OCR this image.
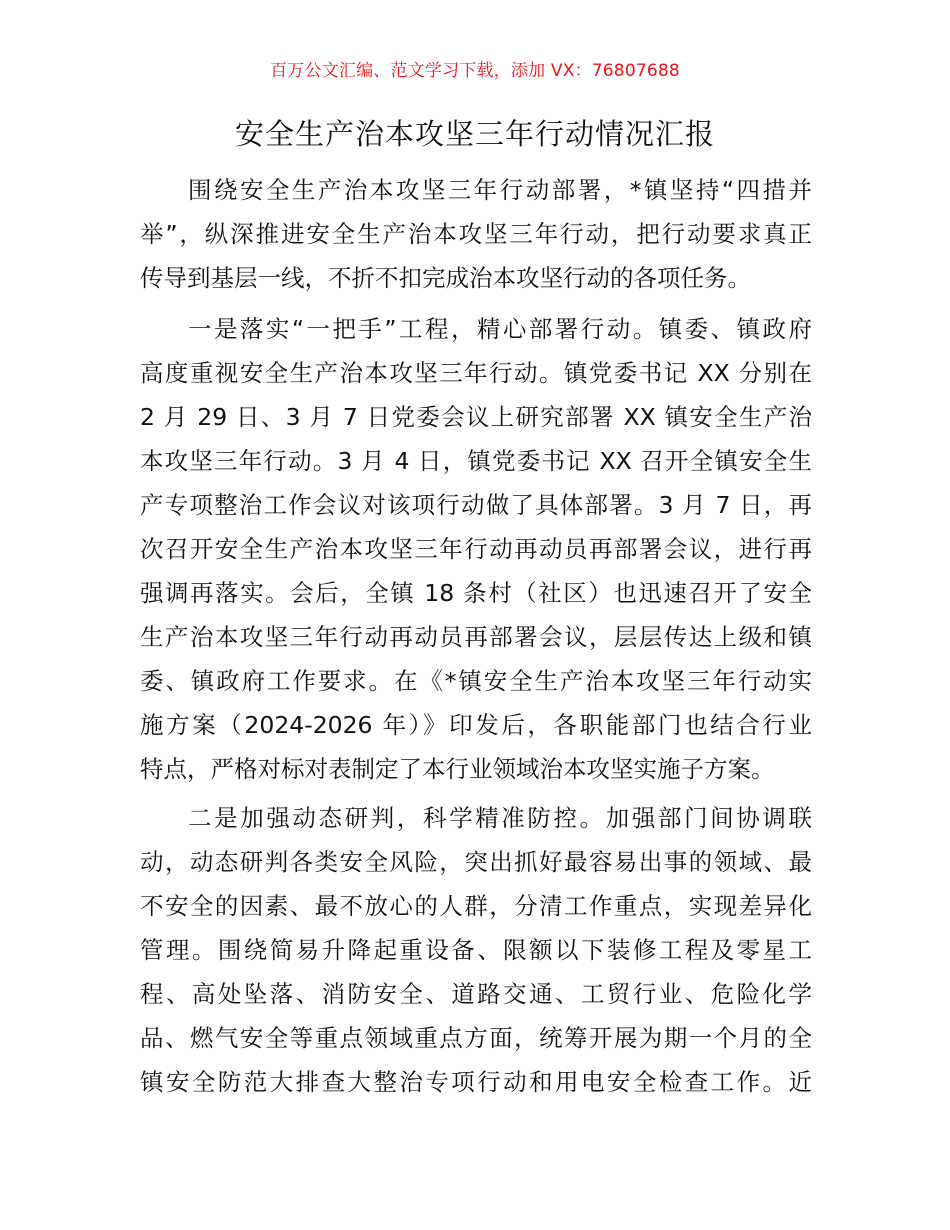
百万公文汇编、范文学习下载，添加 VX：76807688
安全生产治本攻坚三年行动情况汇报
围绕安全生产治本攻坚三年行动部署，*镇坚持“四措并
举”，纵深推进安全生产治本攻坚三年行动，把行动要求真正
传导到基层一线，不折不扣完成治本攻坚行动的各项任务。
一是落实“一把手”工程，精心部署行动。镇委、镇政府
高度重视安全生产治本攻坚三年行动。镇党委书记 XX 分别在
2 月 29 日、3 月 7 日党委会议上研究部署 XX 镇安全生产治
本攻坚三年行动。3 月 4 日，镇党委书记 XX 召开全镇安全生
产专项整治工作会议对该项行动做了具体部署。3 月 7 日，再
次召开安全生产治本攻坚三年行动再动员再部署会议，进行再
强调再落实。会后，全镇 18 条村（社区）也迅速召开了安全
生产治本攻坚三年行动再动员再部署会议，层层传达上级和镇
委、镇政府工作要求。在《*镇安全生产治本攻坚三年行动实
施方案（2024-2026 年）》印发后，各职能部门也结合行业
特点，严格对标对表制定了本行业领域治本攻坚实施子方案。
二是加强动态研判，科学精准防控。加强部门间协调联
动，动态研判各类安全风险，突出抓好最容易出事的领域、最
不安全的因素、最不放心的人群，分清工作重点，实现差异化
管理。围绕简易升降起重设备、限额以下装修工程及零星工
程、高处坠落、消防安全、道路交通、工贸行业、危险化学
品、燃气安全等重点领域重点方面，统筹开展为期一个月的全
镇安全防范大排查大整治专项行动和用电安全检查工作。近
